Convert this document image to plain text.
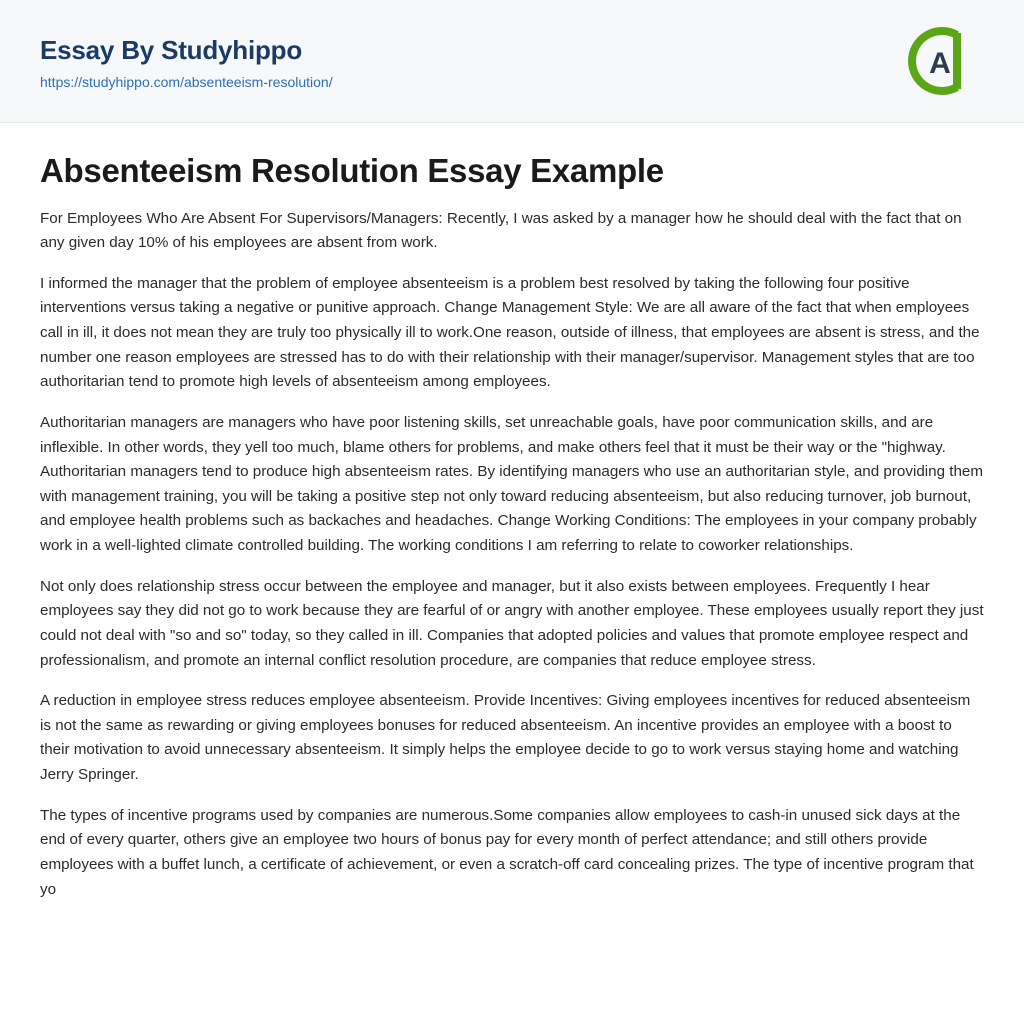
Essay By Studyhippo
https://studyhippo.com/absenteeism-resolution/
A
Absenteeism Resolution Essay Example

For Employees Who Are Absent For Supervisors/Managers: Recently, I was asked by a manager how he should deal with the fact that on any given day 10% of his employees are absent from work.

I informed the manager that the problem of employee absenteeism is a problem best resolved by taking the following four positive interventions versus taking a negative or punitive approach. Change Management Style: We are all aware of the fact that when employees call in ill, it does not mean they are truly too physically ill to work.One reason, outside of illness, that employees are absent is stress, and the number one reason employees are stressed has to do with their relationship with their manager/supervisor. Management styles that are too authoritarian tend to promote high levels of absenteeism among employees.

Authoritarian managers are managers who have poor listening skills, set unreachable goals, have poor communication skills, and are inflexible. In other words, they yell too much, blame others for problems, and make others feel that it must be their way or the "highway. Authoritarian managers tend to produce high absenteeism rates. By identifying managers who use an authoritarian style, and providing them with management training, you will be taking a positive step not only toward reducing absenteeism, but also reducing turnover, job burnout, and employee health problems such as backaches and headaches. Change Working Conditions: The employees in your company probably work in a well-lighted climate controlled building. The working conditions I am referring to relate to coworker relationships.

Not only does relationship stress occur between the employee and manager, but it also exists between employees. Frequently I hear employees say they did not go to work because they are fearful of or angry with another employee. These employees usually report they just could not deal with "so and so" today, so they called in ill. Companies that adopted policies and values that promote employee respect and professionalism, and promote an internal conflict resolution procedure, are companies that reduce employee stress.

A reduction in employee stress reduces employee absenteeism. Provide Incentives: Giving employees incentives for reduced absenteeism is not the same as rewarding or giving employees bonuses for reduced absenteeism. An incentive provides an employee with a boost to their motivation to avoid unnecessary absenteeism. It simply helps the employee decide to go to work versus staying home and watching Jerry Springer.

The types of incentive programs used by companies are numerous.Some companies allow employees to cash-in unused sick days at the end of every quarter, others give an employee two hours of bonus pay for every month of perfect attendance; and still others provide employees with a buffet lunch, a certificate of achievement, or even a scratch-off card concealing prizes. The type of incentive program that yo
